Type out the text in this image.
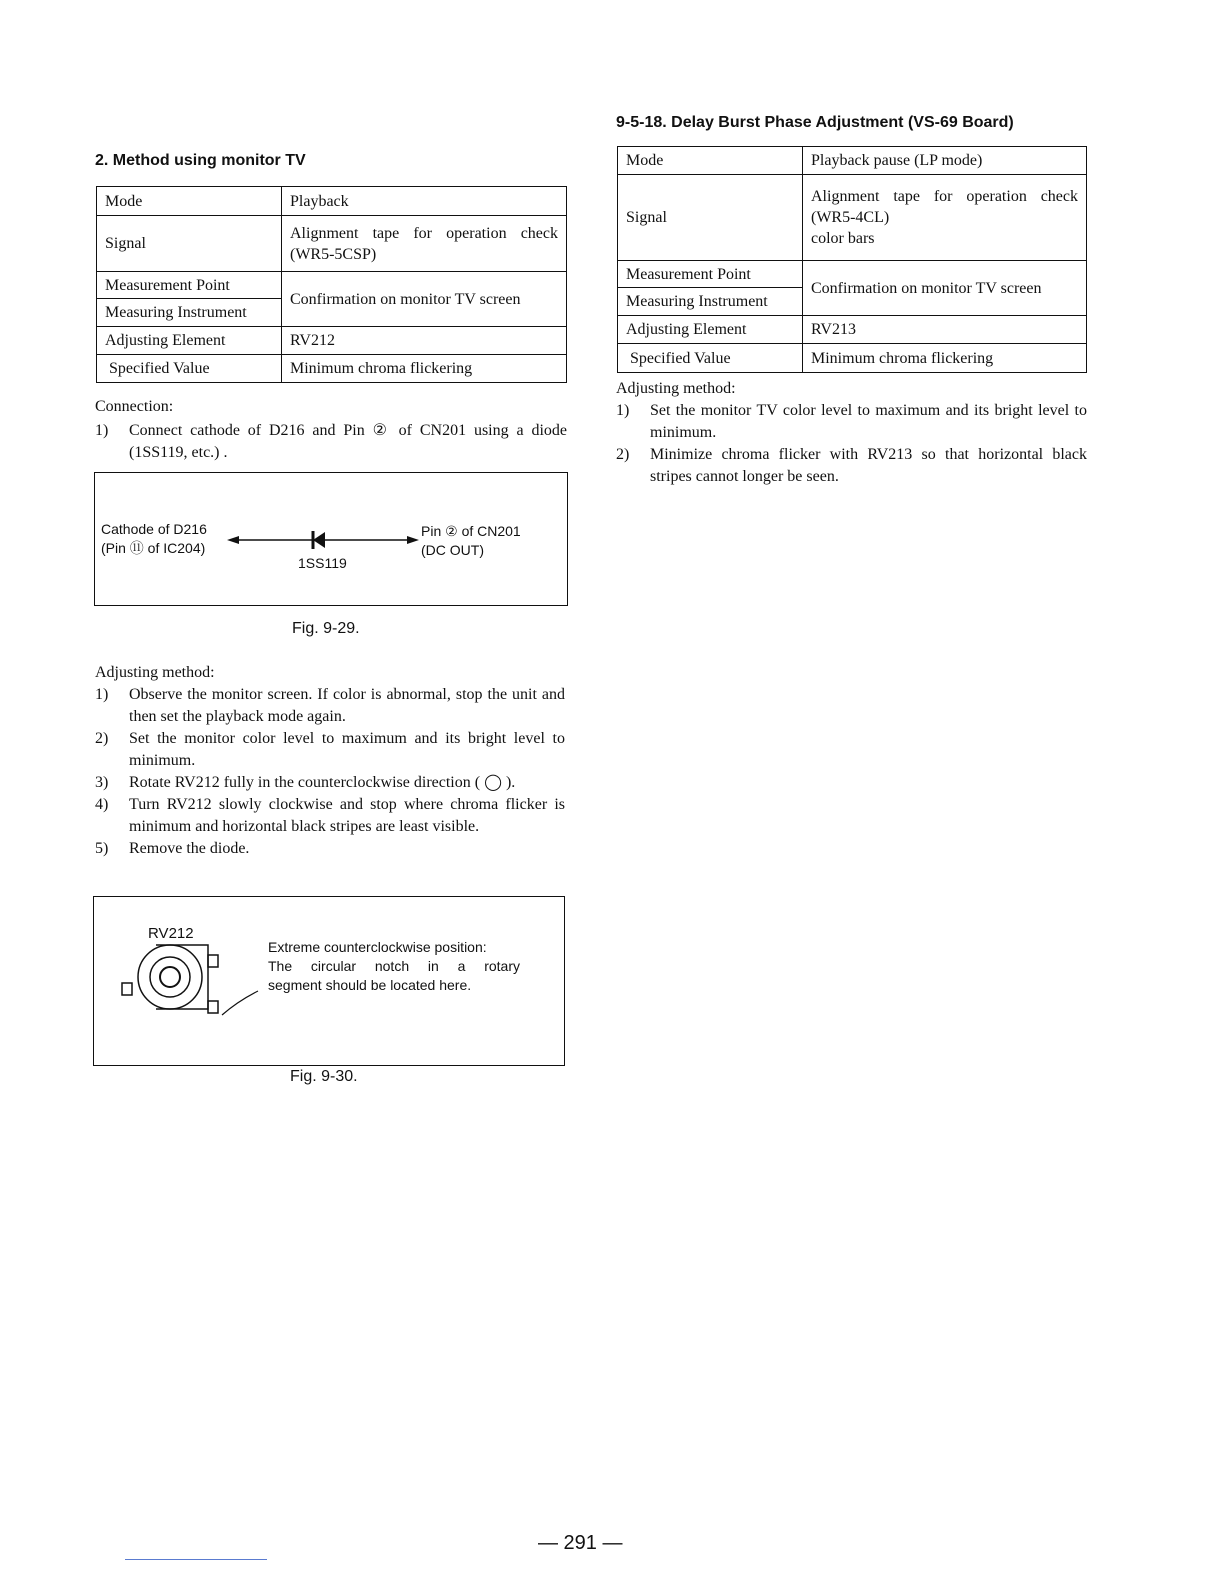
2. Method using monitor TV
Mode	Playback
Signal	Alignment tape for operation check (WR5-5CSP)
Measurement Point	Confirmation on monitor TV screen
Measuring Instrument	
Adjusting Element	RV212
Specified Value	Minimum chroma flickering
Connection:
1) Connect cathode of D216 and Pin ② of CN201 using a diode (1SS119, etc.) .
Cathode of D216
(Pin ⑪ of IC204)
1SS119
Pin ② of CN201
(DC OUT)
Fig. 9-29.
Adjusting method:
1) Observe the monitor screen. If color is abnormal, stop the unit and then set the playback mode again.
2) Set the monitor color level to maximum and its bright level to minimum.
3) Rotate RV212 fully in the counterclockwise direction ( ◯ ).
4) Turn RV212 slowly clockwise and stop where chroma flicker is minimum and horizontal black stripes are least visible.
5) Remove the diode.
RV212
Extreme counterclockwise position:
The circular notch in a rotary
segment should be located here.
Fig. 9-30.
9-5-18. Delay Burst Phase Adjustment (VS-69 Board)
Mode	Playback pause (LP mode)
Signal	Alignment tape for operation check
(WR5-4CL)
color bars

Measurement Point	Confirmation on monitor TV screen
Measuring Instrument	
Adjusting Element	RV213
Specified Value	Minimum chroma flickering
Adjusting method:
1) Set the monitor TV color level to maximum and its bright level to minimum.
2) Minimize chroma flicker with RV213 so that horizontal black stripes cannot longer be seen.
— 291 —
